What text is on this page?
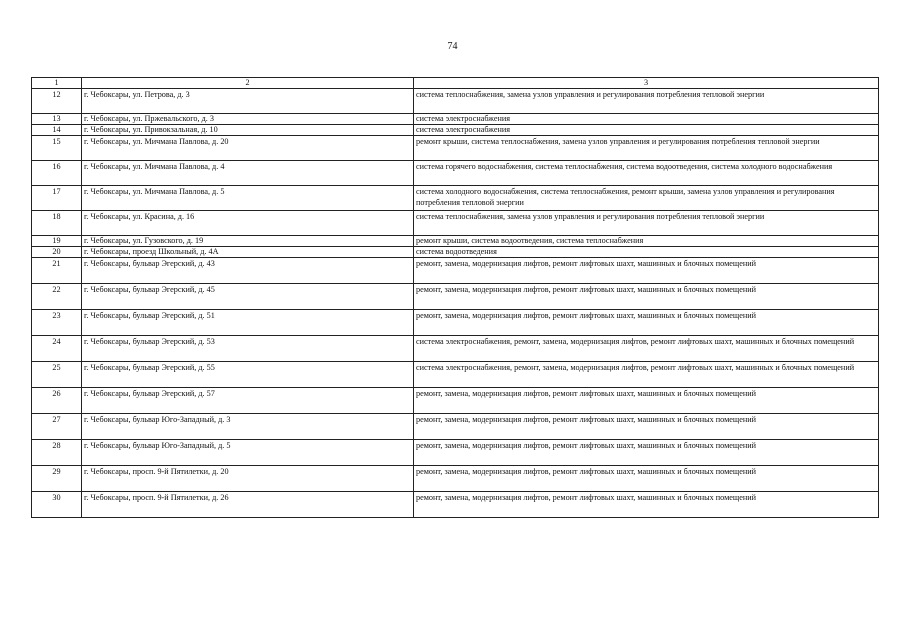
74
1	2	3
12	г. Чебоксары, ул. Петрова, д. 3	система теплоснабжения, замена узлов управления и регулирования потребления тепловой энергии
13	г. Чебоксары, ул. Пржевальского, д. 3	система электроснабжения
14	г. Чебоксары, ул. Привокзальная, д. 10	система электроснабжения
15	г. Чебоксары, ул. Мичмана Павлова, д. 20	ремонт крыши, система теплоснабжения, замена узлов управления и регулирования потребления тепловой энергии
16	г. Чебоксары, ул. Мичмана Павлова, д. 4	система горячего водоснабжения, система теплоснабжения, система водоотведения, система холодного водоснабжения
17	г. Чебоксары, ул. Мичмана Павлова, д. 5	система холодного водоснабжения, система теплоснабжения, ремонт крыши, замена узлов управления и регулирования потребления тепловой энергии
18	г. Чебоксары, ул. Красина, д. 16	система теплоснабжения, замена узлов управления и регулирования потребления тепловой энергии
19	г. Чебоксары, ул. Гузовского, д. 19	ремонт крыши, система водоотведения, система теплоснабжения
20	г. Чебоксары, проезд Школьный, д. 4А	система водоотведения
21	г. Чебоксары, бульвар Эгерский, д. 43	ремонт, замена, модернизация лифтов, ремонт лифтовых шахт, машинных и блочных помещений
22	г. Чебоксары, бульвар Эгерский, д. 45	ремонт, замена, модернизация лифтов, ремонт лифтовых шахт, машинных и блочных помещений
23	г. Чебоксары, бульвар Эгерский, д. 51	ремонт, замена, модернизация лифтов, ремонт лифтовых шахт, машинных и блочных помещений
24	г. Чебоксары, бульвар Эгерский, д. 53	система электроснабжения, ремонт, замена, модернизация лифтов, ремонт лифтовых шахт, машинных и блочных помещений
25	г. Чебоксары, бульвар Эгерский, д. 55	система электроснабжения, ремонт, замена, модернизация лифтов, ремонт лифтовых шахт, машинных и блочных помещений
26	г. Чебоксары, бульвар Эгерский, д. 57	ремонт, замена, модернизация лифтов, ремонт лифтовых шахт, машинных и блочных помещений
27	г. Чебоксары, бульвар Юго-Западный, д. 3	ремонт, замена, модернизация лифтов, ремонт лифтовых шахт, машинных и блочных помещений
28	г. Чебоксары, бульвар Юго-Западный, д. 5	ремонт, замена, модернизация лифтов, ремонт лифтовых шахт, машинных и блочных помещений
29	г. Чебоксары, просп. 9-й Пятилетки, д. 20	ремонт, замена, модернизация лифтов, ремонт лифтовых шахт, машинных и блочных помещений
30	г. Чебоксары, просп. 9-й Пятилетки, д. 26	ремонт, замена, модернизация лифтов, ремонт лифтовых шахт, машинных и блочных помещений
